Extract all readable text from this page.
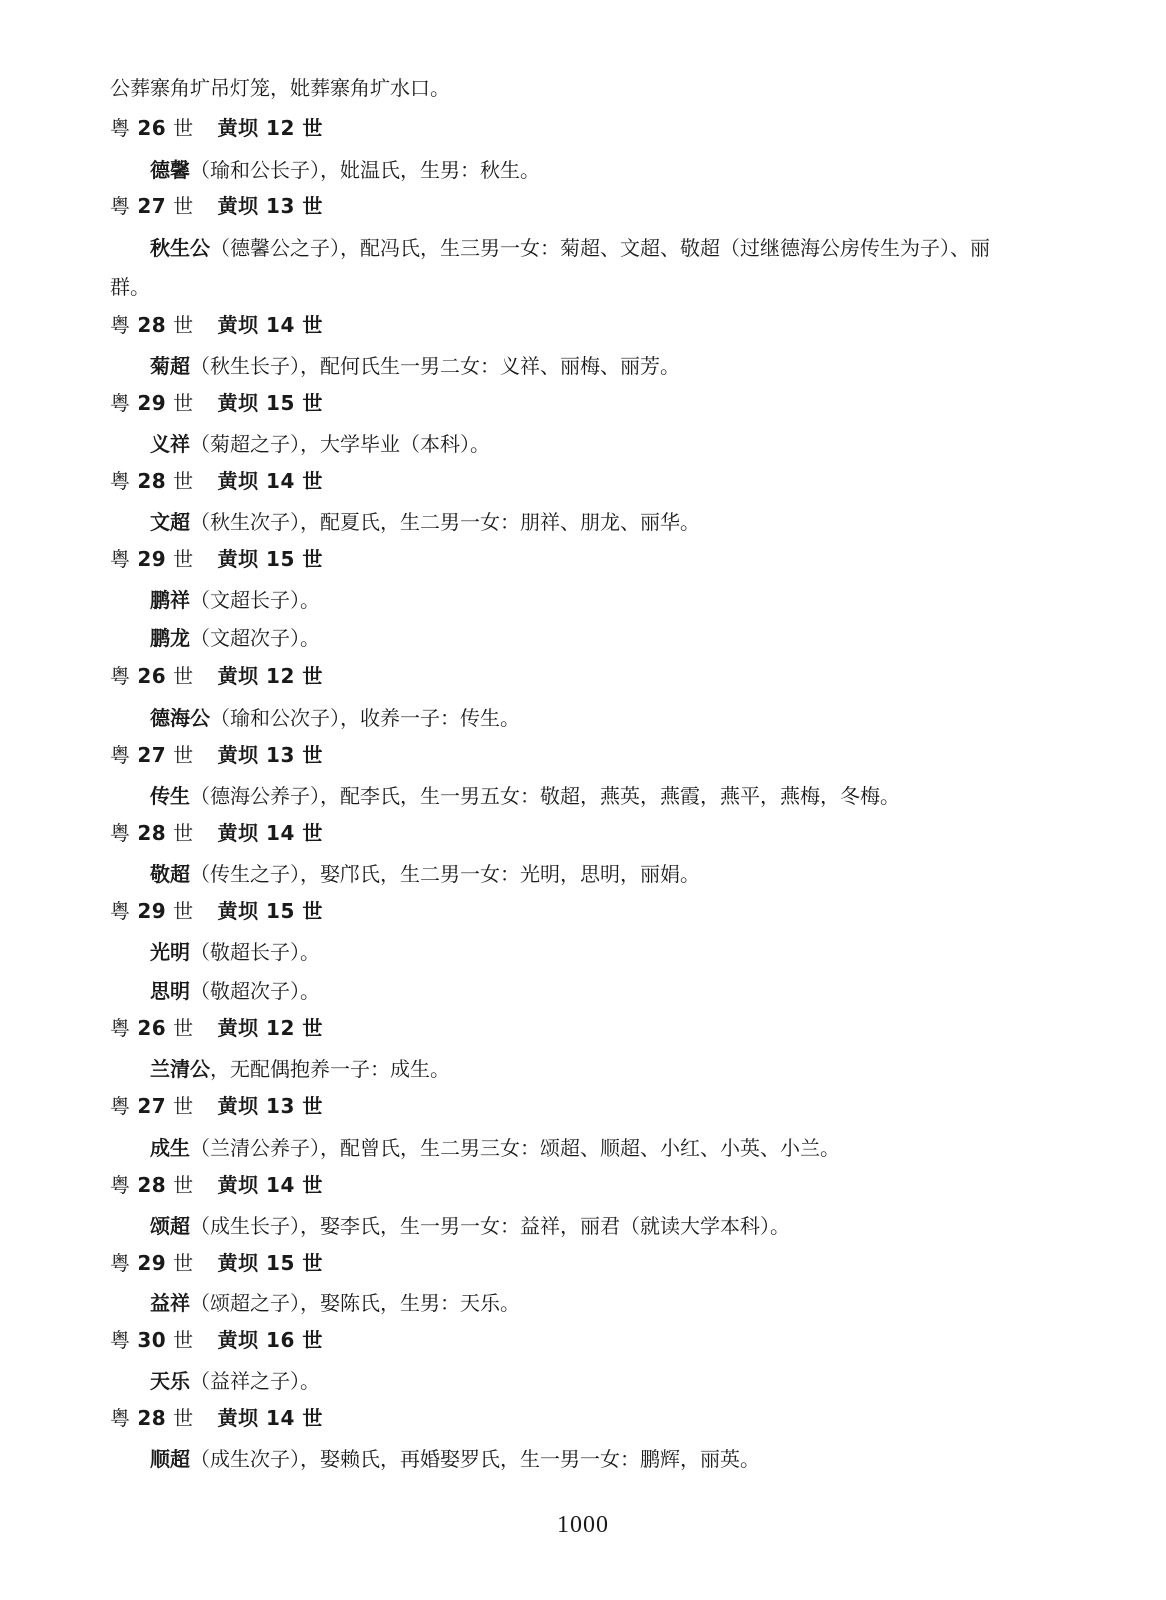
公葬寨角圹吊灯笼，妣葬寨角圹水口。
粤 26 世 黄坝 12 世
德馨（瑜和公长子），妣温氏，生男：秋生。
粤 27 世 黄坝 13 世
秋生公（德馨公之子），配冯氏，生三男一女：菊超、文超、敬超（过继德海公房传生为子）、丽
群。
粤 28 世 黄坝 14 世
菊超（秋生长子），配何氏生一男二女：义祥、丽梅、丽芳。
粤 29 世 黄坝 15 世
义祥（菊超之子），大学毕业（本科）。
粤 28 世 黄坝 14 世
文超（秋生次子），配夏氏，生二男一女：朋祥、朋龙、丽华。
粤 29 世 黄坝 15 世
鹏祥（文超长子）。
鹏龙（文超次子）。
粤 26 世 黄坝 12 世
德海公（瑜和公次子），收养一子：传生。
粤 27 世 黄坝 13 世
传生（德海公养子），配李氏，生一男五女：敬超，燕英，燕霞，燕平，燕梅，冬梅。
粤 28 世 黄坝 14 世
敬超（传生之子），娶邝氏，生二男一女：光明，思明，丽娟。
粤 29 世 黄坝 15 世
光明（敬超长子）。
思明（敬超次子）。
粤 26 世 黄坝 12 世
兰清公，无配偶抱养一子：成生。
粤 27 世 黄坝 13 世
成生（兰清公养子），配曾氏，生二男三女：颂超、顺超、小红、小英、小兰。
粤 28 世 黄坝 14 世
颂超（成生长子），娶李氏，生一男一女：益祥，丽君（就读大学本科）。
粤 29 世 黄坝 15 世
益祥（颂超之子），娶陈氏，生男：天乐。
粤 30 世 黄坝 16 世
天乐（益祥之子）。
粤 28 世 黄坝 14 世
顺超（成生次子），娶赖氏，再婚娶罗氏，生一男一女：鹏辉，丽英。
1000
